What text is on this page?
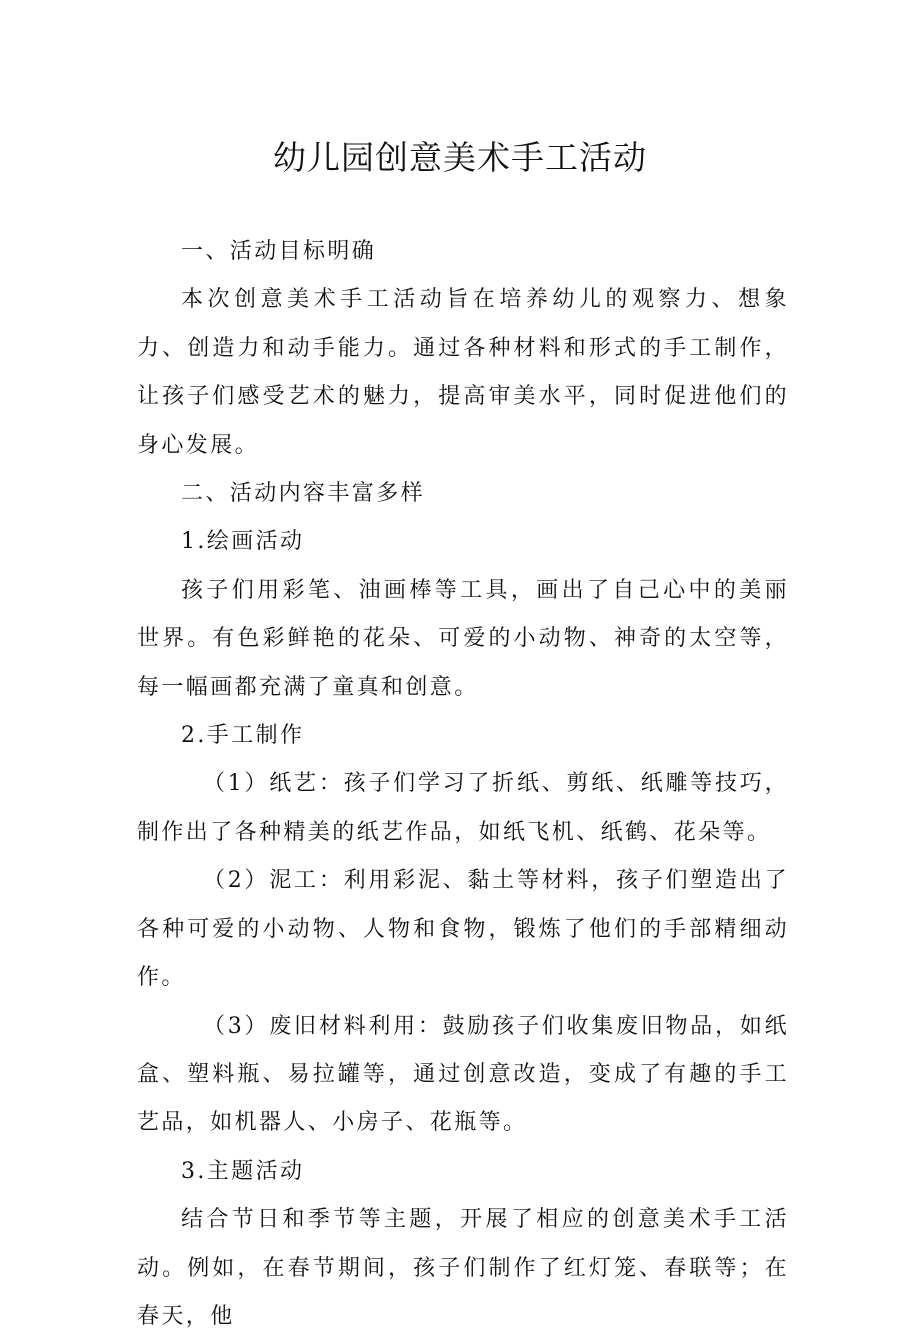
幼儿园创意美术手工活动

一、活动目标明确

本次创意美术手工活动旨在培养幼儿的观察力、想象力、创造力和动手能力。通过各种材料和形式的手工制作，让孩子们感受艺术的魅力，提高审美水平，同时促进他们的身心发展。

二、活动内容丰富多样

1.绘画活动

孩子们用彩笔、油画棒等工具，画出了自己心中的美丽世界。有色彩鲜艳的花朵、可爱的小动物、神奇的太空等，每一幅画都充满了童真和创意。

2.手工制作

（1）纸艺：孩子们学习了折纸、剪纸、纸雕等技巧，制作出了各种精美的纸艺作品，如纸飞机、纸鹤、花朵等。

（2）泥工：利用彩泥、黏土等材料，孩子们塑造出了各种可爱的小动物、人物和食物，锻炼了他们的手部精细动作。

（3）废旧材料利用：鼓励孩子们收集废旧物品，如纸盒、塑料瓶、易拉罐等，通过创意改造，变成了有趣的手工艺品，如机器人、小房子、花瓶等。

3.主题活动

结合节日和季节等主题，开展了相应的创意美术手工活动。例如，在春节期间，孩子们制作了红灯笼、春联等；在春天，他
